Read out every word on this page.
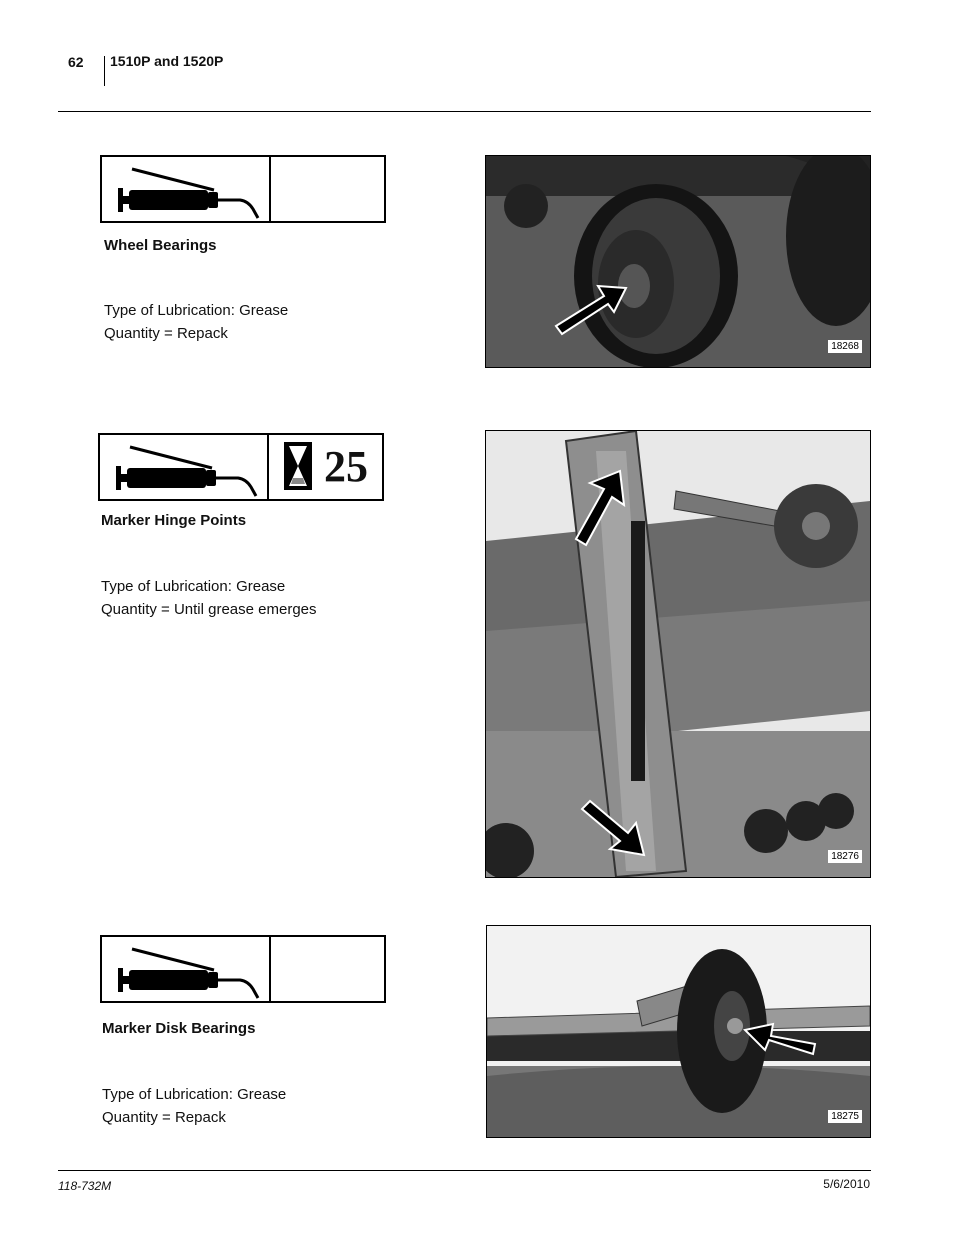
62 1510P and 1520P
Wheel Bearings
Type of Lubrication: Grease
Quantity = Repack
18268
25
Marker Hinge Points
Type of Lubrication: Grease
Quantity = Until grease emerges
18276
Marker Disk Bearings
Type of Lubrication: Grease
Quantity = Repack	18275
118-732M	5/6/2010
